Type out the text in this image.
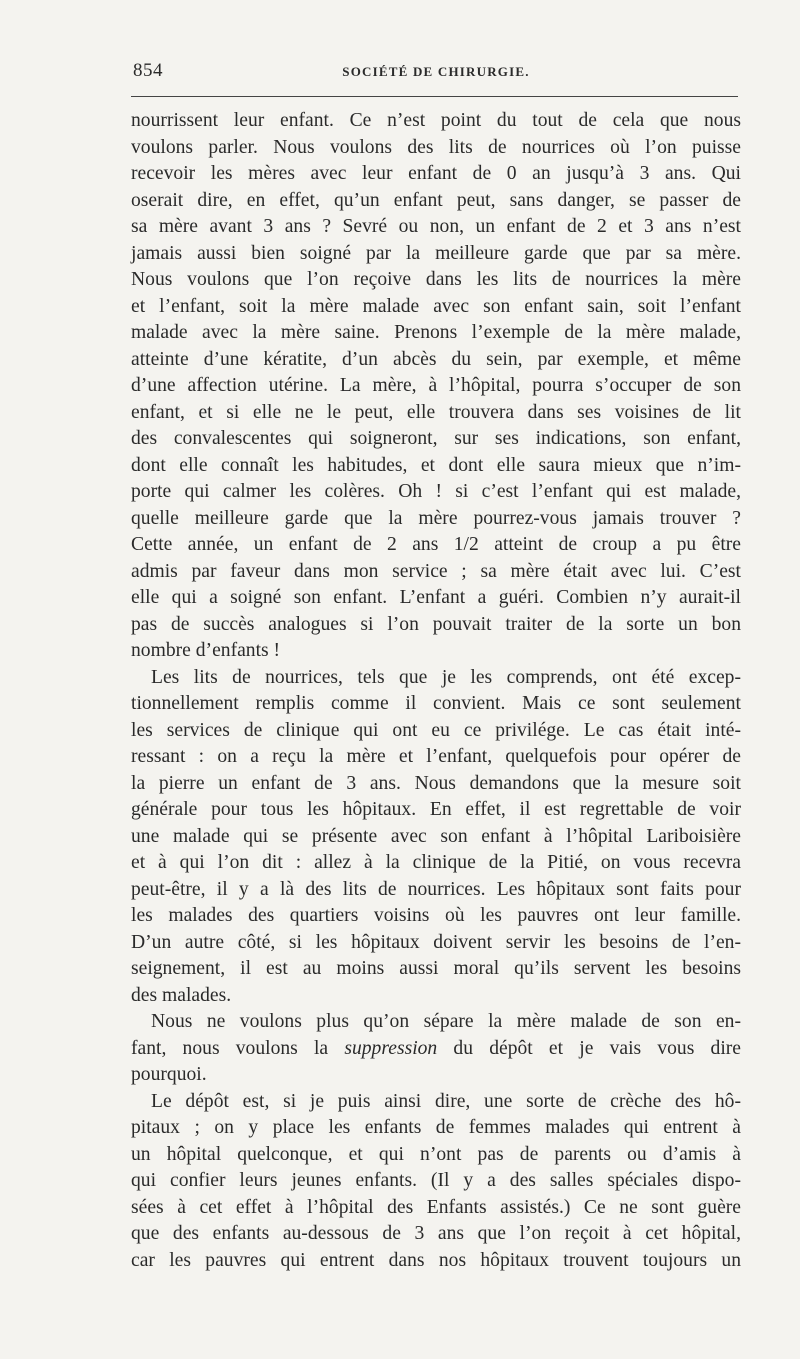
854	SOCIÉTÉ DE CHIRURGIE.
nourrissent leur enfant. Ce n’est point du tout de cela que nous
voulons parler. Nous voulons des lits de nourrices où l’on puisse
recevoir les mères avec leur enfant de 0 an jusqu’à 3 ans. Qui
oserait dire, en effet, qu’un enfant peut, sans danger, se passer de
sa mère avant 3 ans ? Sevré ou non, un enfant de 2 et 3 ans n’est
jamais aussi bien soigné par la meilleure garde que par sa mère.
Nous voulons que l’on reçoive dans les lits de nourrices la mère
et l’enfant, soit la mère malade avec son enfant sain, soit l’enfant
malade avec la mère saine. Prenons l’exemple de la mère malade,
atteinte d’une kératite, d’un abcès du sein, par exemple, et même
d’une affection utérine. La mère, à l’hôpital, pourra s’occuper de son
enfant, et si elle ne le peut, elle trouvera dans ses voisines de lit
des convalescentes qui soigneront, sur ses indications, son enfant,
dont elle connaît les habitudes, et dont elle saura mieux que n’im-
porte qui calmer les colères. Oh ! si c’est l’enfant qui est malade,
quelle meilleure garde que la mère pourrez-vous jamais trouver ?
Cette année, un enfant de 2 ans 1/2 atteint de croup a pu être
admis par faveur dans mon service ; sa mère était avec lui. C’est
elle qui a soigné son enfant. L’enfant a guéri. Combien n’y aurait-il
pas de succès analogues si l’on pouvait traiter de la sorte un bon
nombre d’enfants !
Les lits de nourrices, tels que je les comprends, ont été excep-
tionnellement remplis comme il convient. Mais ce sont seulement
les services de clinique qui ont eu ce privilége. Le cas était inté-
ressant : on a reçu la mère et l’enfant, quelquefois pour opérer de
la pierre un enfant de 3 ans. Nous demandons que la mesure soit
générale pour tous les hôpitaux. En effet, il est regrettable de voir
une malade qui se présente avec son enfant à l’hôpital Lariboisière
et à qui l’on dit : allez à la clinique de la Pitié, on vous recevra
peut-être, il y a là des lits de nourrices. Les hôpitaux sont faits pour
les malades des quartiers voisins où les pauvres ont leur famille.
D’un autre côté, si les hôpitaux doivent servir les besoins de l’en-
seignement, il est au moins aussi moral qu’ils servent les besoins
des malades.
Nous ne voulons plus qu’on sépare la mère malade de son en-
fant, nous voulons la suppression du dépôt et je vais vous dire
pourquoi.
Le dépôt est, si je puis ainsi dire, une sorte de crèche des hô-
pitaux ; on y place les enfants de femmes malades qui entrent à
un hôpital quelconque, et qui n’ont pas de parents ou d’amis à
qui confier leurs jeunes enfants. (Il y a des salles spéciales dispo-
sées à cet effet à l’hôpital des Enfants assistés.) Ce ne sont guère
que des enfants au-dessous de 3 ans que l’on reçoit à cet hôpital,
car les pauvres qui entrent dans nos hôpitaux trouvent toujours un
